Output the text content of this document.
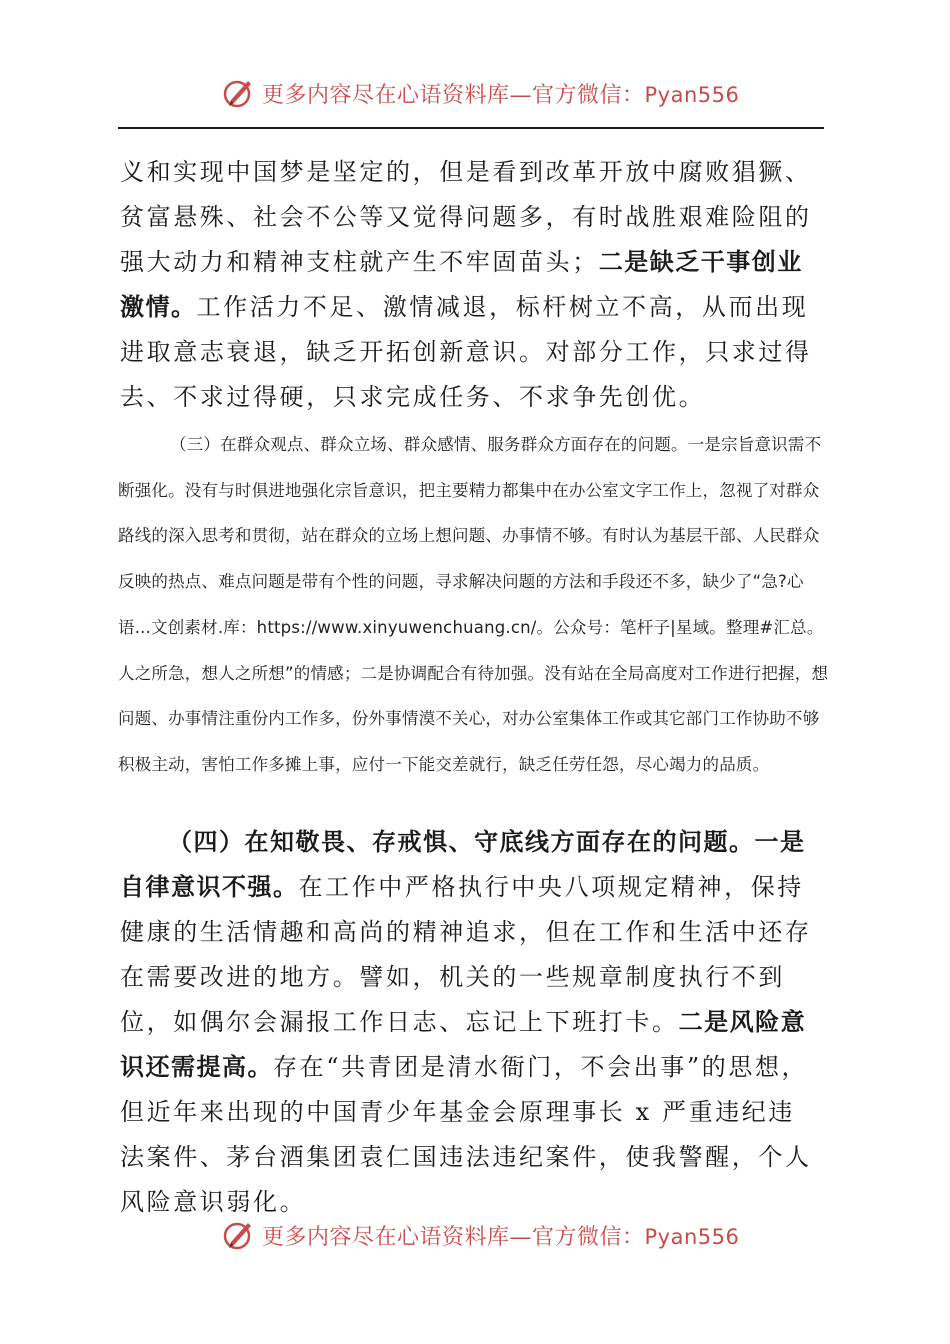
更多内容尽在心语资料库—官方微信：Pyan556
义和实现中国梦是坚定的，但是看到改革开放中腐败猖獗、贫富悬殊、社会不公等又觉得问题多，有时战胜艰难险阻的强大动力和精神支柱就产生不牢固苗头；二是缺乏干事创业激情。工作活力不足、激情减退，标杆树立不高，从而出现进取意志衰退，缺乏开拓创新意识。对部分工作，只求过得去、不求过得硬，只求完成任务、不求争先创优。
（三）在群众观点、群众立场、群众感情、服务群众方面存在的问题。一是宗旨意识需不断强化。没有与时俱进地强化宗旨意识，把主要精力都集中在办公室文字工作上，忽视了对群众路线的深入思考和贯彻，站在群众的立场上想问题、办事情不够。有时认为基层干部、人民群众反映的热点、难点问题是带有个性的问题，寻求解决问题的方法和手段还不多，缺少了“急?心语...文创素材.库：https://www.xinyuwenchuang.cn/。公众号：笔杆子|星域。整理#汇总。人之所急，想人之所想”的情感；二是协调配合有待加强。没有站在全局高度对工作进行把握，想问题、办事情注重份内工作多，份外事情漠不关心，对办公室集体工作或其它部门工作协助不够积极主动，害怕工作多摊上事，应付一下能交差就行，缺乏任劳任怨，尽心竭力的品质。
（四）在知敬畏、存戒惧、守底线方面存在的问题。一是自律意识不强。在工作中严格执行中央八项规定精神，保持健康的生活情趣和高尚的精神追求，但在工作和生活中还存在需要改进的地方。譬如，机关的一些规章制度执行不到位，如偶尔会漏报工作日志、忘记上下班打卡。二是风险意识还需提高。存在“共青团是清水衙门，不会出事”的思想，但近年来出现的中国青少年基金会原理事长 x 严重违纪违法案件、茅台酒集团袁仁国违法违纪案件，使我警醒，个人风险意识弱化。
更多内容尽在心语资料库—官方微信：Pyan556
